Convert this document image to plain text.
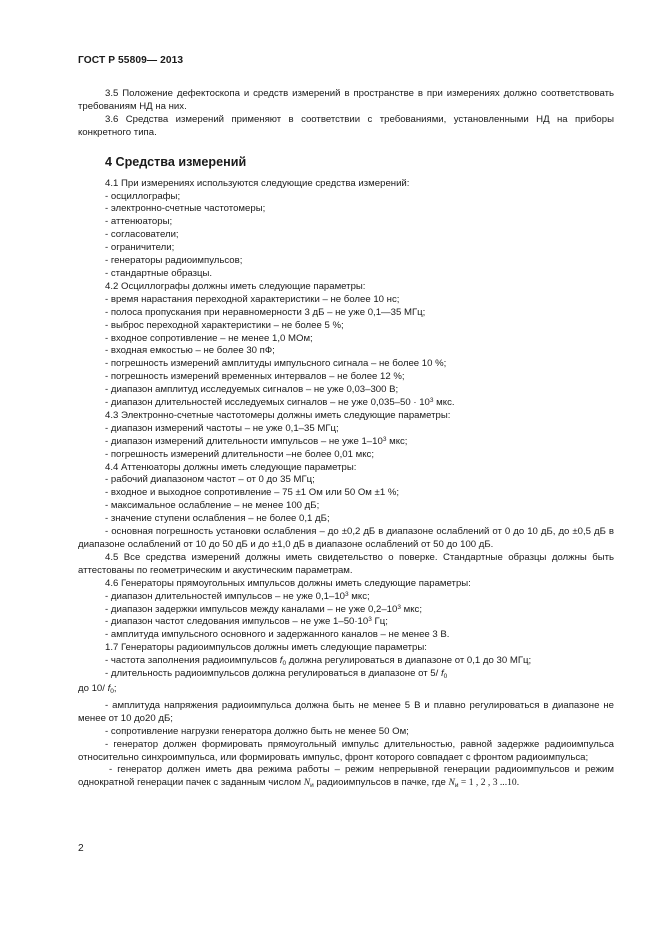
ГОСТ Р 55809— 2013

3.5 Положение дефектоскопа и средств измерений в пространстве в при измерениях должно соответствовать требованиям НД на них.

3.6 Средства измерений применяют в соответствии с требованиями, установленными НД на приборы конкретного типа.

4 Средства измерений

4.1 При измерениях используются следующие средства измерений:

- осциллографы;

- электронно-счетные частотомеры;

- аттенюаторы;

- согласователи;

- ограничители;

- генераторы радиоимпульсов;

- стандартные образцы.

4.2 Осциллографы должны иметь следующие параметры:

- время нарастания переходной характеристики – не более 10 нс;

- полоса пропускания при неравномерности 3 дБ – не уже 0,1—35 МГц;

- выброс переходной характеристики – не более 5 %;

- входное сопротивление – не менее 1,0 МОм;

- входная емкостью – не более 30 пФ;

- погрешность измерений амплитуды импульсного сигнала – не более 10 %;

- погрешность измерений временных интервалов – не более 12 %;

- диапазон амплитуд исследуемых сигналов – не уже 0,03–300 В;

- диапазон длительностей исследуемых сигналов – не уже $0,035-50 \cdot 10^3$ мкс.

4.3 Электронно-счетные частотомеры должны иметь следующие параметры:

- диапазон измерений частоты – не уже 0,1–35 МГц;

- диапазон измерений длительности импульсов – не уже $1-10^3$ мкс;

- погрешность измерений длительности –не более 0,01 мкс;

4.4 Аттенюаторы должны иметь следующие параметры:

- рабочий диапазоном частот – от 0 до 35 МГц;

- входное и выходное сопротивление – 75 ±1 Ом или 50 Ом ±1 %;

- максимальное ослабление – не менее 100 дБ;

- значение ступени ослабления – не более 0,1 дБ;

- основная погрешность установки ослабления – до ±0,2 дБ в диапазоне ослаблений от 0 до 10 дБ, до ±0,5 дБ в диапазоне ослаблений от 10 до 50 дБ и до ±1,0 дБ в диапазоне ослаблений от 50 до 100 дБ.

4.5 Все средства измерений должны иметь свидетельство о поверке. Стандартные образцы должны быть аттестованы по геометрическим и акустическим параметрам.

4.6 Генераторы прямоугольных импульсов должны иметь следующие параметры:

- диапазон длительностей импульсов – не уже $0,1-10^3$ мкс;

- диапазон задержки импульсов между каналами – не уже $0,2-10^3$ мкс;

- диапазон частот следования импульсов – не уже $1-50\cdot 10^3$ Гц;

- амплитуда импульсного основного и задержанного каналов – не менее 3 В.

1.7 Генераторы радиоимпульсов должны иметь следующие параметры:

- частота заполнения радиоимпульсов $f_0$ должна регулироваться в диапазоне от 0,1 до 30 МГц;

- длительность радиоимпульсов должна регулироваться в диапазоне от 5/ $f_0$

до 10/ $f_0$;

- амплитуда напряжения радиоимпульса должна быть не менее 5 В и плавно регулироваться в диапазоне не менее от 10 до20 дБ;

- сопротивление нагрузки генератора должно быть не менее 50 Ом;

- генератор должен формировать прямоугольный импульс длительностью, равной задержке радиоимпульса относительно синхроимпульса, или формировать импульс, фронт которого совпадает с фронтом радиоимпульса;

- генератор должен иметь два режима работы – режим непрерывной генерации радиоимпульсов и режим однократной генерации пачек с заданным числом $N_и$ радиоимпульсов в пачке, где $N_и = 1$ , 2 , 3 ...10.

2
